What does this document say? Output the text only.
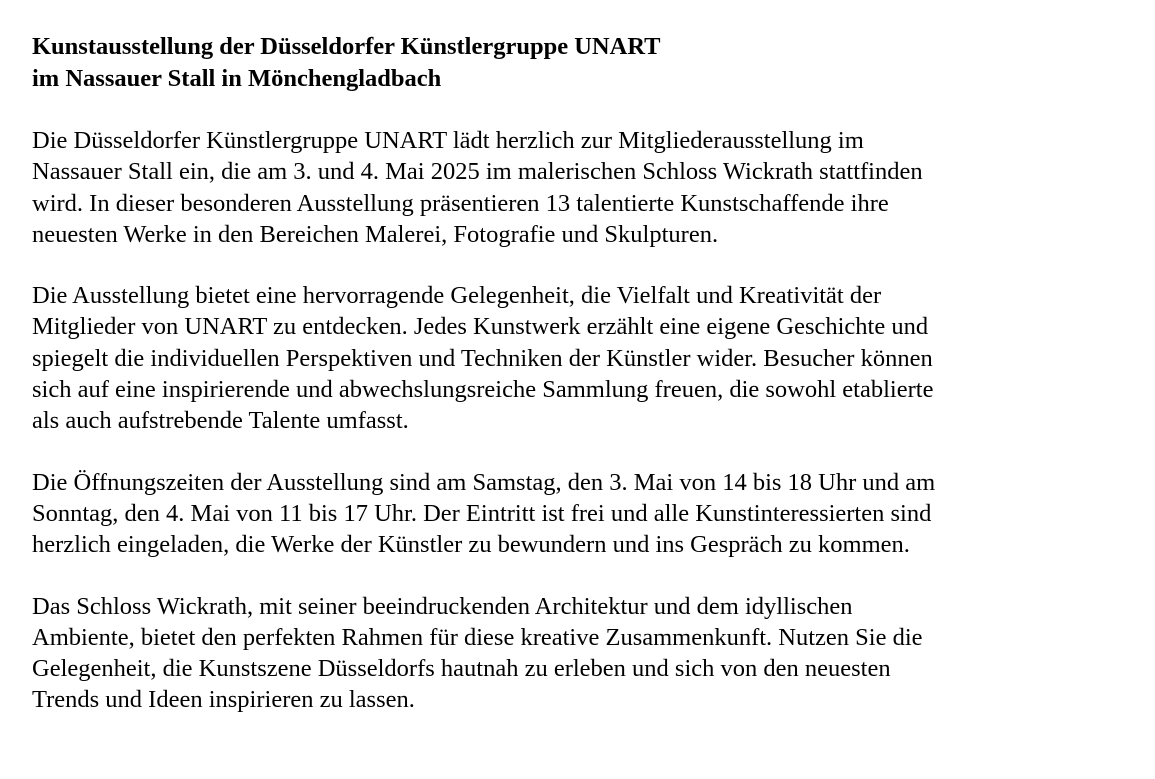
Kunstausstellung der Düsseldorfer Künstlergruppe UNART
im Nassauer Stall in Mönchengladbach

Die Düsseldorfer Künstlergruppe UNART lädt herzlich zur Mitgliederausstellung im
Nassauer Stall ein, die am 3. und 4. Mai 2025 im malerischen Schloss Wickrath stattfinden
wird. In dieser besonderen Ausstellung präsentieren 13 talentierte Kunstschaffende ihre
neuesten Werke in den Bereichen Malerei, Fotografie und Skulpturen.

Die Ausstellung bietet eine hervorragende Gelegenheit, die Vielfalt und Kreativität der
Mitglieder von UNART zu entdecken. Jedes Kunstwerk erzählt eine eigene Geschichte und
spiegelt die individuellen Perspektiven und Techniken der Künstler wider. Besucher können
sich auf eine inspirierende und abwechslungsreiche Sammlung freuen, die sowohl etablierte
als auch aufstrebende Talente umfasst.

Die Öffnungszeiten der Ausstellung sind am Samstag, den 3. Mai von 14 bis 18 Uhr und am
Sonntag, den 4. Mai von 11 bis 17 Uhr. Der Eintritt ist frei und alle Kunstinteressierten sind
herzlich eingeladen, die Werke der Künstler zu bewundern und ins Gespräch zu kommen.

Das Schloss Wickrath, mit seiner beeindruckenden Architektur und dem idyllischen
Ambiente, bietet den perfekten Rahmen für diese kreative Zusammenkunft. Nutzen Sie die
Gelegenheit, die Kunstszene Düsseldorfs hautnah zu erleben und sich von den neuesten
Trends und Ideen inspirieren zu lassen.
